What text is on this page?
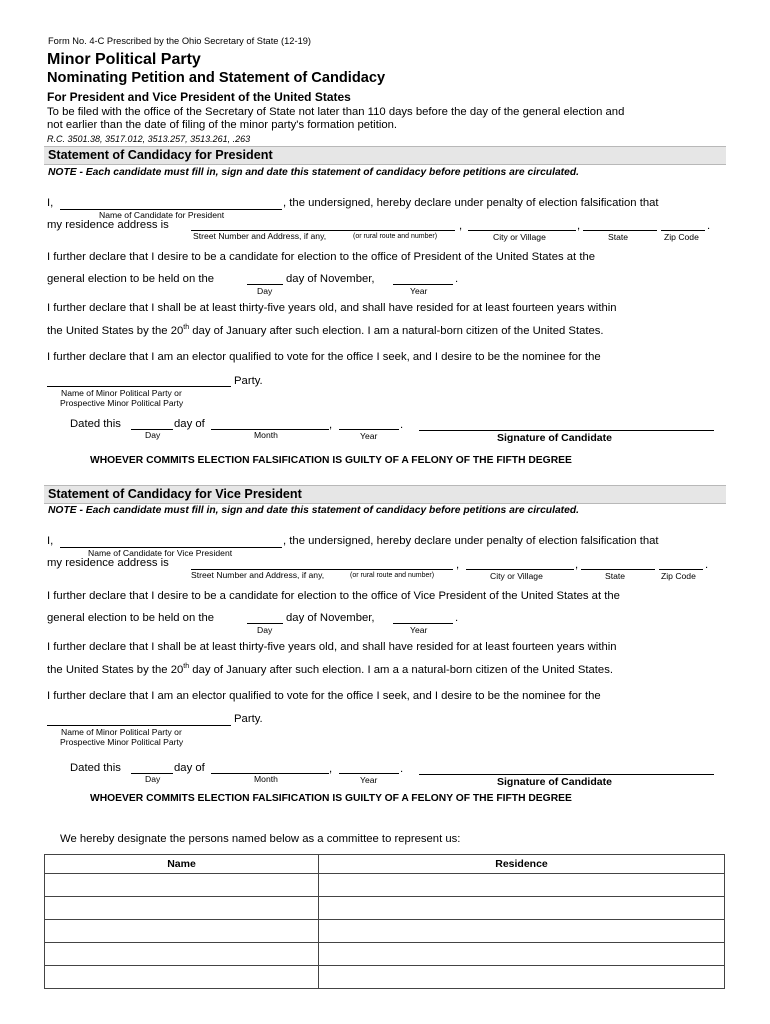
Form No. 4-C Prescribed by the Ohio Secretary of State (12-19)
Minor Political Party
Nominating Petition and Statement of Candidacy
For President and Vice President of the United States
To be filed with the office of the Secretary of State not later than 110 days before the day of the general election and
not earlier than the date of filing of the minor party's formation petition.
R.C. 3501.38, 3517.012, 3513.257, 3513.261, .263
Statement of Candidacy for President
NOTE - Each candidate must fill in, sign and date this statement of candidacy before petitions are circulated.
I,	, the undersigned, hereby declare under penalty of election falsification that
Name of Candidate for President
my residence address is	,	,	.
Street Number and Address, if any,	(or rural route and number)	City or Village	State	Zip Code
I further declare that I desire to be a candidate for election to the office of President of the United States at the
general election to be held on the	day of November,	.
Day	Year
I further declare that I shall be at least thirty-five years old, and shall have resided for at least fourteen years within
the United States by the 20th day of January after such election. I am a natural-born citizen of the United States.
I further declare that I am an elector qualified to vote for the office I seek, and I desire to be the nominee for the
Party.
Name of Minor Political Party or
Prospective Minor Political Party
Dated this	day of	,	.
Day	Month	Year	Signature of Candidate
WHOEVER COMMITS ELECTION FALSIFICATION IS GUILTY OF A FELONY OF THE FIFTH DEGREE
Statement of Candidacy for Vice President
NOTE - Each candidate must fill in, sign and date this statement of candidacy before petitions are circulated.
I,	, the undersigned, hereby declare under penalty of election falsification that
Name of Candidate for Vice President
my residence address is	,	,	.
Street Number and Address, if any,	(or rural route and number)	City or Village	State	Zip Code
I further declare that I desire to be a candidate for election to the office of Vice President of the United States at the
general election to be held on the	day of November,	.
Day	Year
I further declare that I shall be at least thirty-five years old, and shall have resided for at least fourteen years within
the United States by the 20th day of January after such election. I am a a natural-born citizen of the United States.
I further declare that I am an elector qualified to vote for the office I seek, and I desire to be the nominee for the
Party.
Name of Minor Political Party or
Prospective Minor Political Party
Dated this	day of	,	.
Day	Month	Year	Signature of Candidate
WHOEVER COMMITS ELECTION FALSIFICATION IS GUILTY OF A FELONY OF THE FIFTH DEGREE
We hereby designate the persons named below as a committee to represent us:
Name	Residence
